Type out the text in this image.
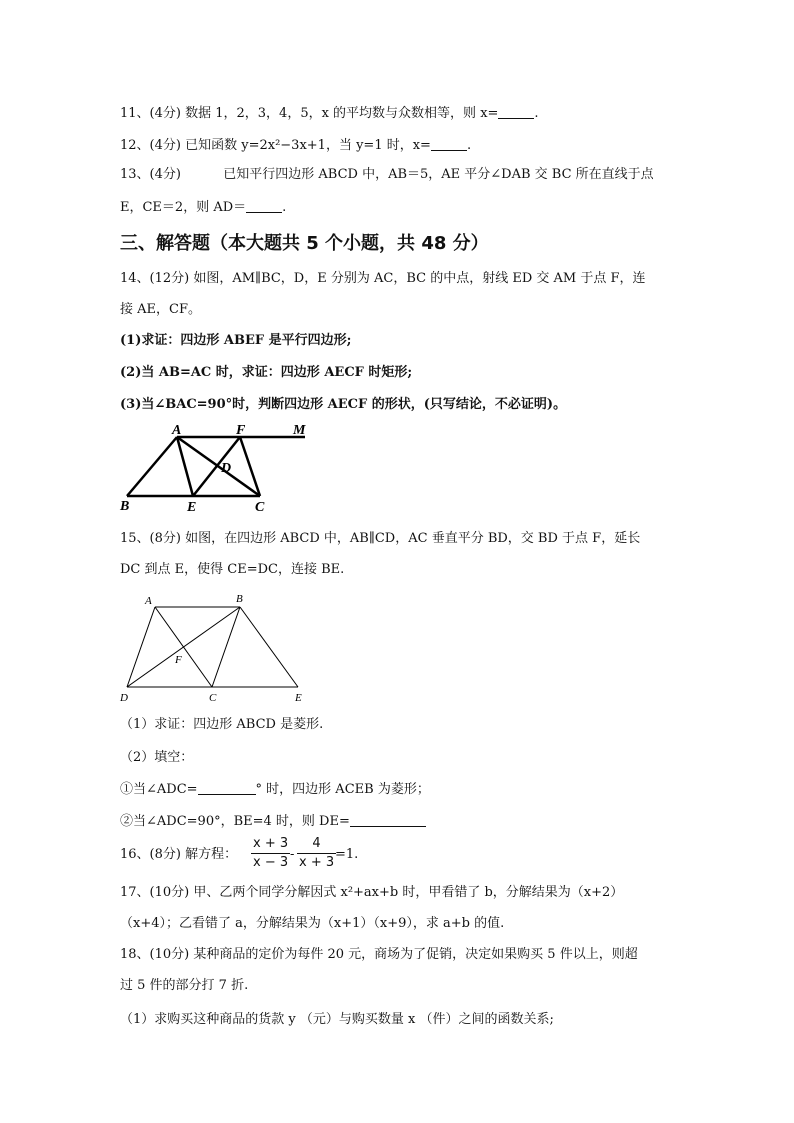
11、(4分) 数据 1，2，3，4，5，x 的平均数与众数相等，则 x=	.
12、(4分) 已知函数 y=2x²−3x+1，当 y=1 时，x=	.
13、(4分)	已知平行四边形 ABCD 中，AB＝5，AE 平分∠DAB 交 BC 所在直线于点
E，CE＝2，则 AD＝	.
三、解答题（本大题共 5 个小题，共 48 分）
14、(12分) 如图，AM∥BC，D，E 分别为 AC，BC 的中点，射线 ED 交 AM 于点 F，连
接 AE，CF。
(1)求证：四边形 ABEF 是平行四边形;
(2)当 AB=AC 时，求证：四边形 AECF 时矩形;
(3)当∠BAC=90°时，判断四边形 AECF 的形状，(只写结论，不必证明)。
A	F	M
D
B	E	C
15、(8分) 如图，在四边形 ABCD 中，AB∥CD，AC 垂直平分 BD，交 BD 于点 F，延长
DC 到点 E，使得 CE=DC，连接 BE.
A	B
F
D	C	E
（1）求证：四边形 ABCD 是菱形.
（2）填空：
①当∠ADC=	° 时，四边形 ACEB 为菱形；
②当∠ADC=90°，BE=4 时，则 DE=
16、(8分) 解方程： $\frac{x + 3}{x - 3} - \frac{4}{x + 3}$
=1.
17、(10分) 甲、乙两个同学分解因式 x²+ax+b 时，甲看错了 b，分解结果为（x+2）
（x+4）；乙看错了 a，分解结果为（x+1）（x+9），求 a+b 的值.
18、(10分) 某种商品的定价为每件 20 元，商场为了促销，决定如果购买 5 件以上，则超
过 5 件的部分打 7 折.
（1）求购买这种商品的货款 y （元）与购买数量 x （件）之间的函数关系;
